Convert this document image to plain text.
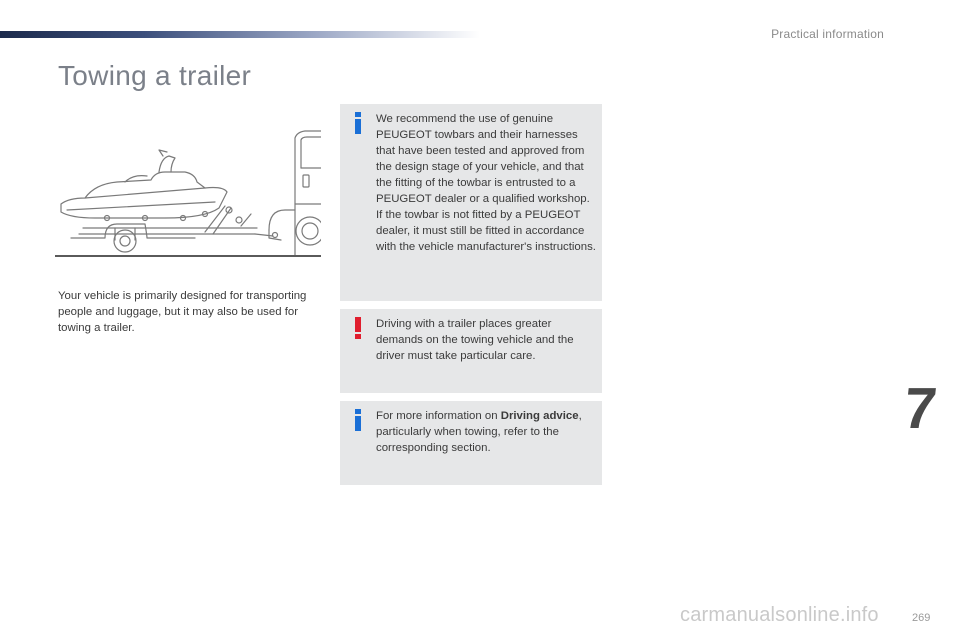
Practical information
Towing a trailer

Your vehicle is primarily designed for transporting people and luggage, but it may also be used for towing a trailer.

We recommend the use of genuine PEUGEOT towbars and their harnesses that have been tested and approved from the design stage of your vehicle, and that the fitting of the towbar is entrusted to a PEUGEOT dealer or a qualified workshop.
If the towbar is not fitted by a PEUGEOT dealer, it must still be fitted in accordance with the vehicle manufacturer's instructions.

Driving with a trailer places greater demands on the towing vehicle and the driver must take particular care.

For more information on Driving advice, particularly when towing, refer to the corresponding section.

7
269
carmanualsonline.info
